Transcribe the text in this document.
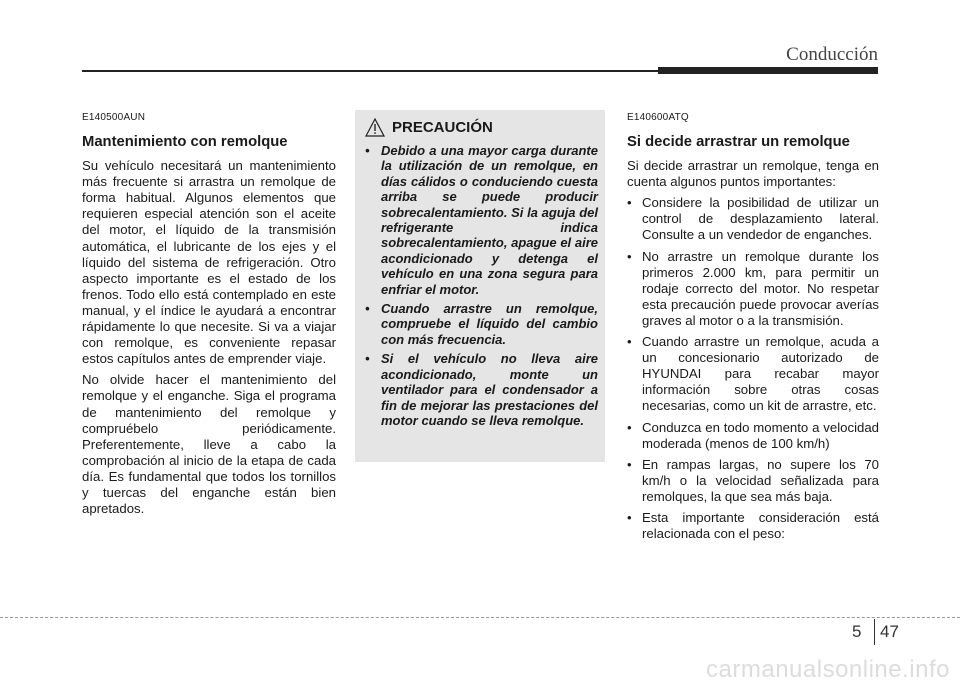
Conducción
E140500AUN
Mantenimiento con remolque

Su vehículo necesitará un mantenimiento más frecuente si arrastra un remolque de forma habitual. Algunos elementos que requieren especial atención son el aceite del motor, el líquido de la transmisión automática, el lubricante de los ejes y el líquido del sistema de refrigeración. Otro aspecto importante es el estado de los frenos. Todo ello está contemplado en este manual, y el índice le ayudará a encontrar rápidamente lo que necesite. Si va a viajar con remolque, es conveniente repasar estos capítulos antes de emprender viaje.

No olvide hacer el mantenimiento del remolque y el enganche. Siga el programa de mantenimiento del remolque y compruébelo periódicamente. Preferentemente, lleve a cabo la comprobación al inicio de la etapa de cada día. Es fundamental que todos los tornillos y tuercas del enganche están bien apretados.

PRECAUCIÓN
• Debido a una mayor carga durante la utilización de un remolque, en días cálidos o conduciendo cuesta arriba se puede producir sobrecalentamiento. Si la aguja del refrigerante indica sobrecalentamiento, apague el aire acondicionado y detenga el vehículo en una zona segura para enfriar el motor.
• Cuando arrastre un remolque, compruebe el líquido del cambio con más frecuencia.
• Si el vehículo no lleva aire acondicionado, monte un ventilador para el condensador a fin de mejorar las prestaciones del motor cuando se lleva remolque.
E140600ATQ
Si decide arrastrar un remolque

Si decide arrastrar un remolque, tenga en cuenta algunos puntos importantes:

• Considere la posibilidad de utilizar un control de desplazamiento lateral. Consulte a un vendedor de enganches.
• No arrastre un remolque durante los primeros 2.000 km, para permitir un rodaje correcto del motor. No respetar esta precaución puede provocar averías graves al motor o a la transmisión.
• Cuando arrastre un remolque, acuda a un concesionario autorizado de HYUNDAI para recabar mayor información sobre otras cosas necesarias, como un kit de arrastre, etc.
• Conduzca en todo momento a velocidad moderada (menos de 100 km/h)
• En rampas largas, no supere los 70 km/h o la velocidad señalizada para remolques, la que sea más baja.
• Esta importante consideración está relacionada con el peso:
5 47
carmanualsonline.info
